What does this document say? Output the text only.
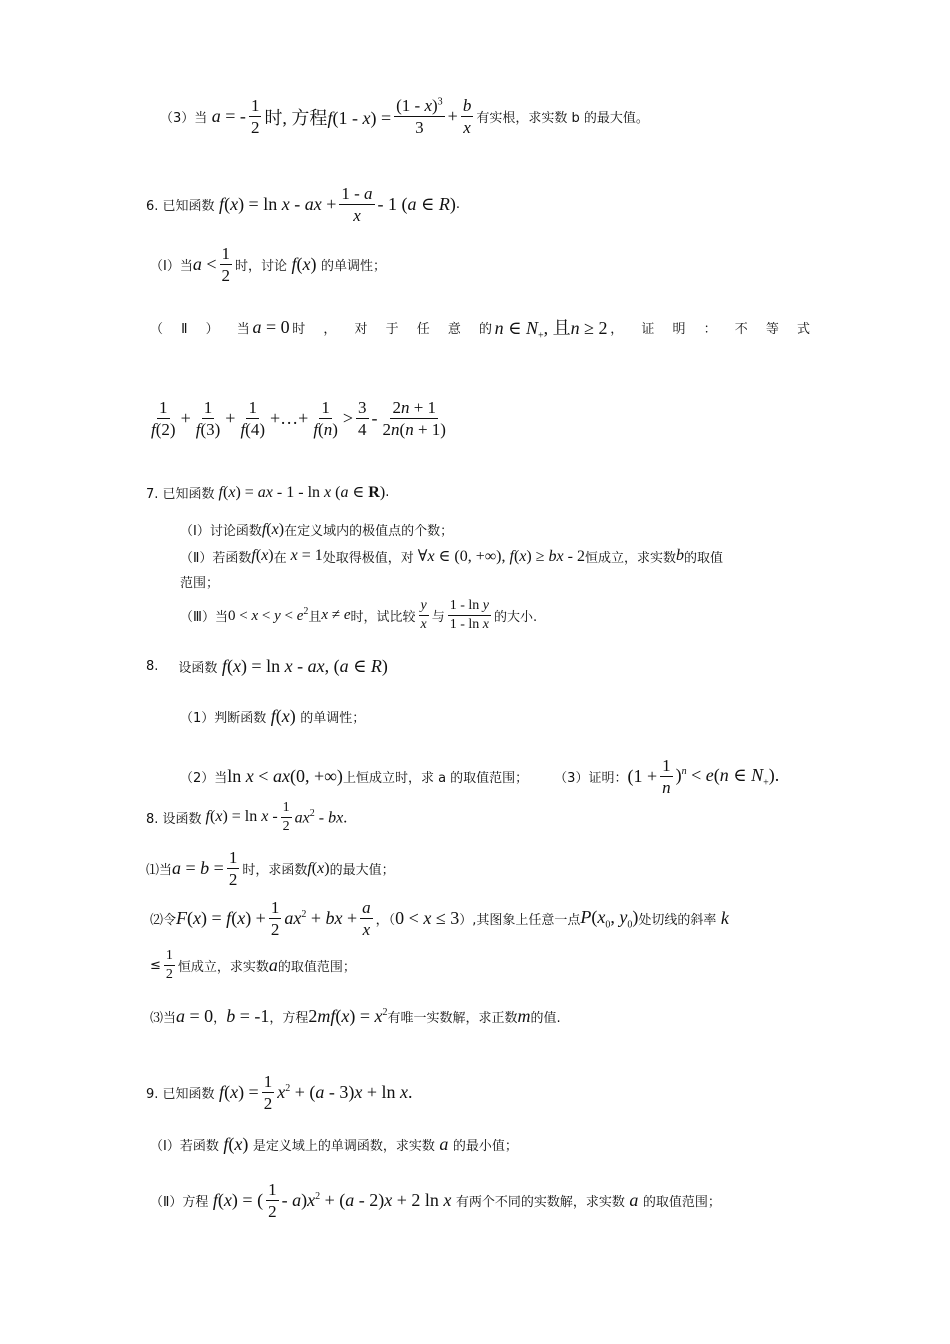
（3）当 a = - $\frac{1}{2}$ 时, 方程$f(1 - x) = \frac{(1 - x)^3}{3} + \frac{b}{x}$ 有实根，求实数 b 的最大值。
6. 已知函数 f(x) = ln x - ax + $\frac{1 - a}{x} - 1$ (a ∈ R) .
（Ⅰ）当 $a < \frac{1}{2}$ 时，讨论 f(x) 的单调性；
（ Ⅱ ） 当 a = 0 时 ， 对 于 任 意 的 n ∈ $N_+$, 且n ≥ 2 ， 证 明 ： 不 等 式
$\frac{1}{f(2)} + \frac{1}{f(3)} + \frac{1}{f(4)}$ +…+ $\frac{1}{f(n)} > \frac{3}{4} - \frac{2n + 1}{2n(n + 1)}$
7. 已知函数 f(x) = ax - 1 - ln x (a ∈ R) .
（Ⅰ）讨论函数 f(x) 在定义域内的极值点的个数；
（Ⅱ）若函数 f(x) 在 x = 1 处取得极值，对 ∀x ∈ (0, +∞), f(x) ≥ bx - 2 恒成立，求实数 b 的取值
范围；
（Ⅲ）当 $0 < x < y < e^2$ 且 x ≠ e 时，试比较 $\frac{y}{x}$ 与 $\frac{\text{1 - ln y}}{\text{1 - ln x}}$ 的大小.
8. 设函数 f(x) = ln x - ax, (a ∈ R)
（1）判断函数 f(x) 的单调性；
（2）当 ln x < ax(0, +∞) 上恒成立时，求 a 的取值范围； （3）证明： $(1 + \frac{1}{n} )^n < e(n$ ∈ $N_+$).
8. 设函数 $f(x) = \ln x - \frac{1}{2} ax^2$ - bx.
⑴当 $a = b = \frac{1}{2}$ 时，求函数 f(x) 的最大值；
⑵令 $F(x) = f(x) + \frac{1}{2} ax^2$ + bx + $\frac{a}{x}$ ，（ 0 < x ≤ 3 ）,其图象上任意一点 $P(x_0$, $y_0$) 处切线的斜率 k
≤ $\frac{1}{2}$ 恒成立，求实数 a 的取值范围；
⑶当 a = 0 ， b = -1 ，方程 $2mf(x) = x^2$ 有唯一实数解，求正数 m 的值.
9. 已知函数 $f(x) = \frac{1}{2} x^2 + (a - 3)x + \ln x$.
（Ⅰ）若函数 f(x) 是定义域上的单调函数，求实数 a 的最小值；
（Ⅱ）方程 f(x) = ( $\frac{1}{2} - a)x^2 + (a - 2)x + 2$ ln x 有两个不同的实数解，求实数 a 的取值范围；
